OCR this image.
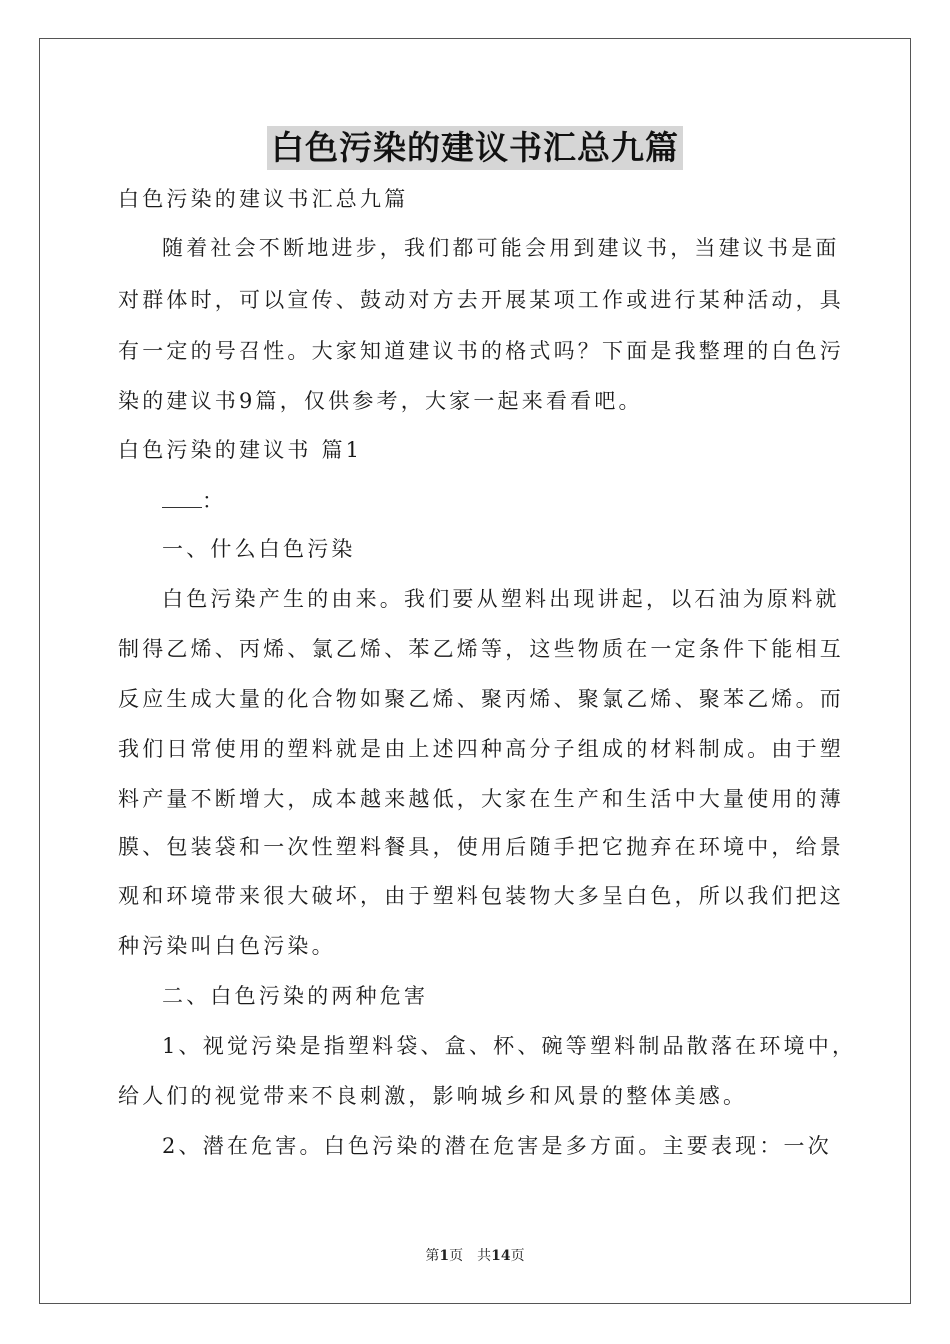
白色污染的建议书汇总九篇
白色污染的建议书汇总九篇
随着社会不断地进步，我们都可能会用到建议书，当建议书是面
对群体时，可以宣传、鼓动对方去开展某项工作或进行某种活动，具
有一定的号召性。大家知道建议书的格式吗？下面是我整理的白色污
染的建议书9篇，仅供参考，大家一起来看看吧。
白色污染的建议书 篇1
：
一、什么白色污染
白色污染产生的由来。我们要从塑料出现讲起，以石油为原料就
制得乙烯、丙烯、氯乙烯、苯乙烯等，这些物质在一定条件下能相互
反应生成大量的化合物如聚乙烯、聚丙烯、聚氯乙烯、聚苯乙烯。而
我们日常使用的塑料就是由上述四种高分子组成的材料制成。由于塑
料产量不断增大，成本越来越低，大家在生产和生活中大量使用的薄
膜、包装袋和一次性塑料餐具，使用后随手把它抛弃在环境中，给景
观和环境带来很大破坏，由于塑料包装物大多呈白色，所以我们把这
种污染叫白色污染。
二、白色污染的两种危害
1、视觉污染是指塑料袋、盒、杯、碗等塑料制品散落在环境中，
给人们的视觉带来不良刺激，影响城乡和风景的整体美感。
2、潜在危害。白色污染的潜在危害是多方面。主要表现：一次
第1页　共14页
